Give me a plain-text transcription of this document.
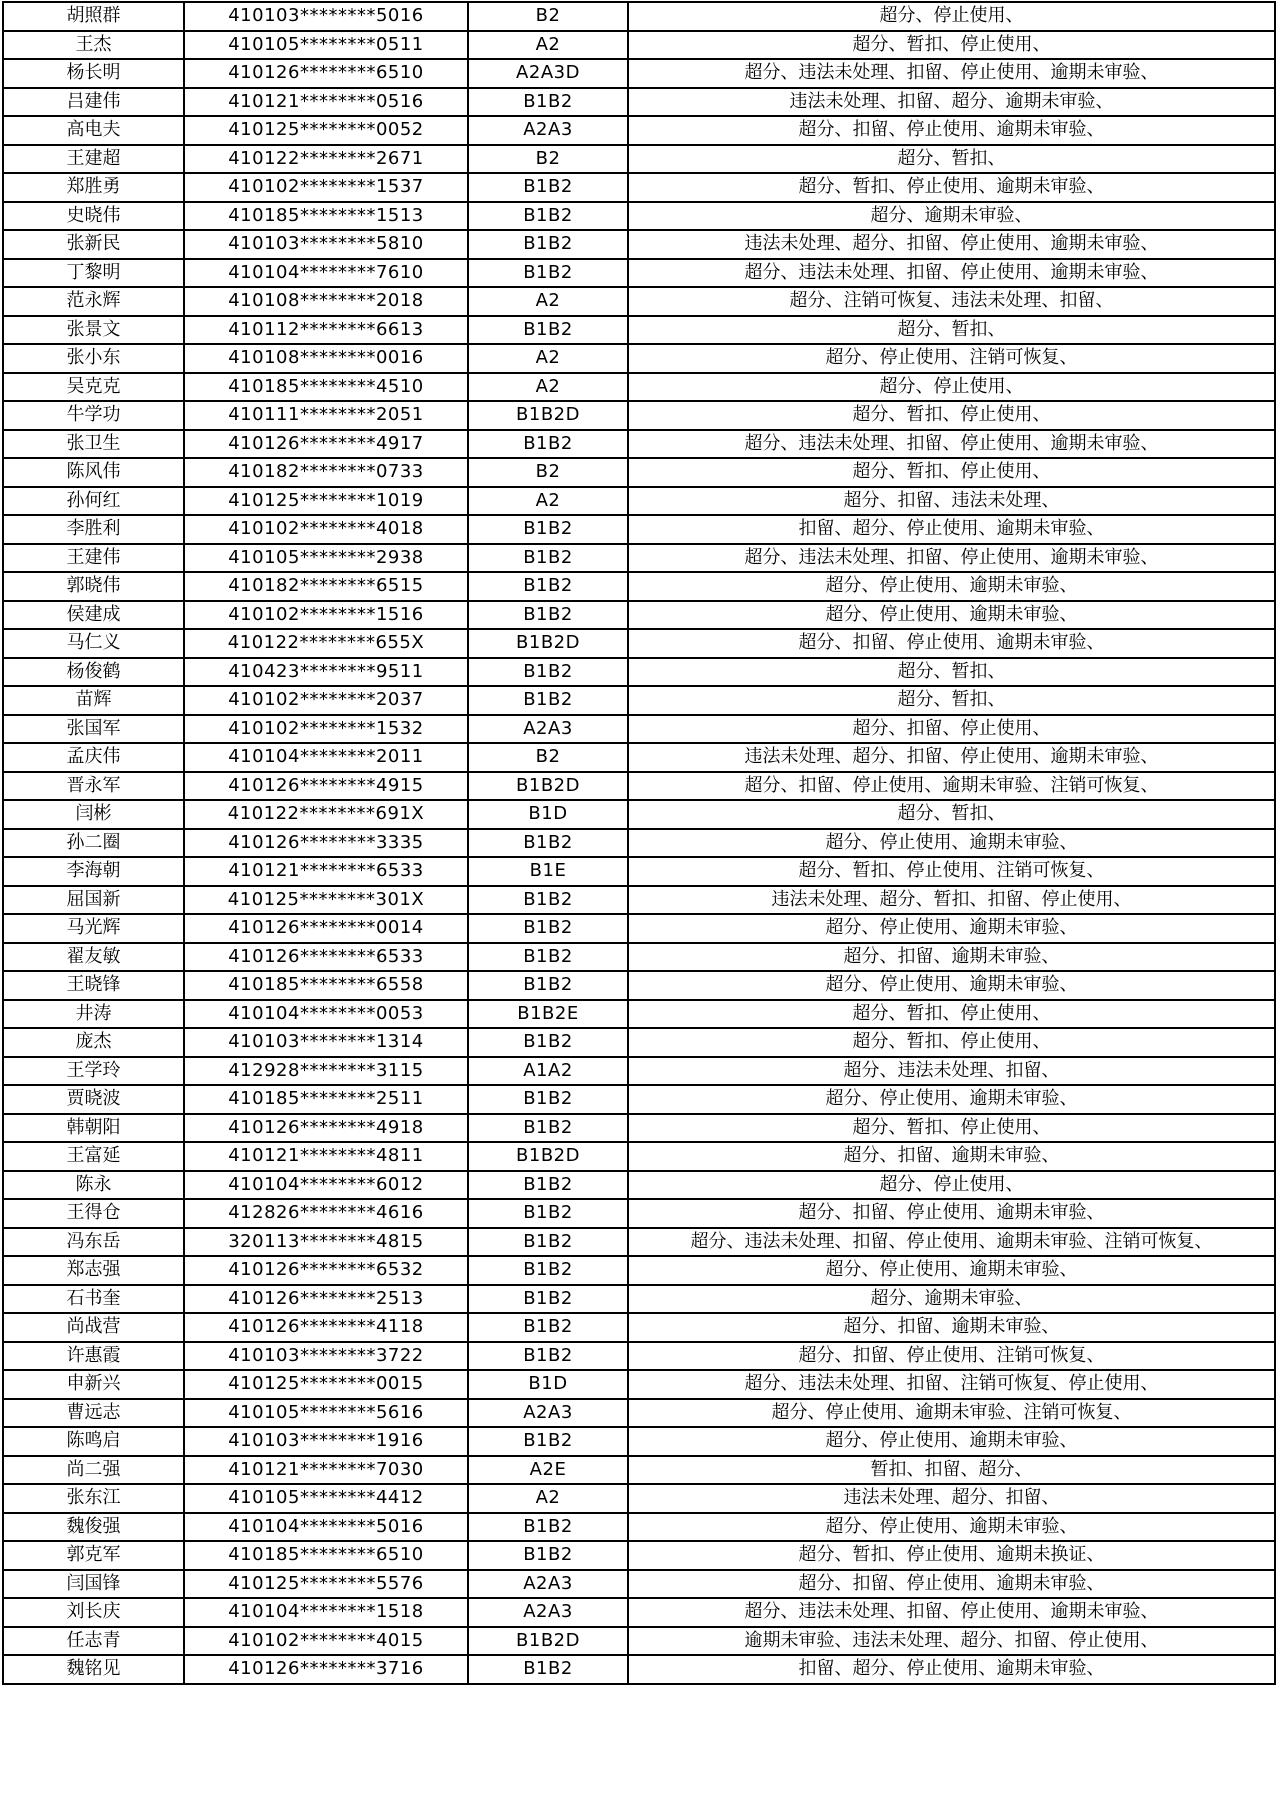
胡照群	410103********5016	B2	超分、停止使用、
王杰	410105********0511	A2	超分、暂扣、停止使用、
杨长明	410126********6510	A2A3D	超分、违法未处理、扣留、停止使用、逾期未审验、
吕建伟	410121********0516	B1B2	违法未处理、扣留、超分、逾期未审验、
高电夫	410125********0052	A2A3	超分、扣留、停止使用、逾期未审验、
王建超	410122********2671	B2	超分、暂扣、
郑胜勇	410102********1537	B1B2	超分、暂扣、停止使用、逾期未审验、
史晓伟	410185********1513	B1B2	超分、逾期未审验、
张新民	410103********5810	B1B2	违法未处理、超分、扣留、停止使用、逾期未审验、
丁黎明	410104********7610	B1B2	超分、违法未处理、扣留、停止使用、逾期未审验、
范永辉	410108********2018	A2	超分、注销可恢复、违法未处理、扣留、
张景文	410112********6613	B1B2	超分、暂扣、
张小东	410108********0016	A2	超分、停止使用、注销可恢复、
吴克克	410185********4510	A2	超分、停止使用、
牛学功	410111********2051	B1B2D	超分、暂扣、停止使用、
张卫生	410126********4917	B1B2	超分、违法未处理、扣留、停止使用、逾期未审验、
陈风伟	410182********0733	B2	超分、暂扣、停止使用、
孙何红	410125********1019	A2	超分、扣留、违法未处理、
李胜利	410102********4018	B1B2	扣留、超分、停止使用、逾期未审验、
王建伟	410105********2938	B1B2	超分、违法未处理、扣留、停止使用、逾期未审验、
郭晓伟	410182********6515	B1B2	超分、停止使用、逾期未审验、
侯建成	410102********1516	B1B2	超分、停止使用、逾期未审验、
马仁义	410122********655X	B1B2D	超分、扣留、停止使用、逾期未审验、
杨俊鹤	410423********9511	B1B2	超分、暂扣、
苗辉	410102********2037	B1B2	超分、暂扣、
张国军	410102********1532	A2A3	超分、扣留、停止使用、
孟庆伟	410104********2011	B2	违法未处理、超分、扣留、停止使用、逾期未审验、
晋永军	410126********4915	B1B2D	超分、扣留、停止使用、逾期未审验、注销可恢复、
闫彬	410122********691X	B1D	超分、暂扣、
孙二圈	410126********3335	B1B2	超分、停止使用、逾期未审验、
李海朝	410121********6533	B1E	超分、暂扣、停止使用、注销可恢复、
屈国新	410125********301X	B1B2	违法未处理、超分、暂扣、扣留、停止使用、
马光辉	410126********0014	B1B2	超分、停止使用、逾期未审验、
翟友敏	410126********6533	B1B2	超分、扣留、逾期未审验、
王晓锋	410185********6558	B1B2	超分、停止使用、逾期未审验、
井涛	410104********0053	B1B2E	超分、暂扣、停止使用、
庞杰	410103********1314	B1B2	超分、暂扣、停止使用、
王学玲	412928********3115	A1A2	超分、违法未处理、扣留、
贾晓波	410185********2511	B1B2	超分、停止使用、逾期未审验、
韩朝阳	410126********4918	B1B2	超分、暂扣、停止使用、
王富延	410121********4811	B1B2D	超分、扣留、逾期未审验、
陈永	410104********6012	B1B2	超分、停止使用、
王得仓	412826********4616	B1B2	超分、扣留、停止使用、逾期未审验、
冯东岳	320113********4815	B1B2	超分、违法未处理、扣留、停止使用、逾期未审验、注销可恢复、
郑志强	410126********6532	B1B2	超分、停止使用、逾期未审验、
石书奎	410126********2513	B1B2	超分、逾期未审验、
尚战营	410126********4118	B1B2	超分、扣留、逾期未审验、
许惠霞	410103********3722	B1B2	超分、扣留、停止使用、注销可恢复、
申新兴	410125********0015	B1D	超分、违法未处理、扣留、注销可恢复、停止使用、
曹远志	410105********5616	A2A3	超分、停止使用、逾期未审验、注销可恢复、
陈鸣启	410103********1916	B1B2	超分、停止使用、逾期未审验、
尚二强	410121********7030	A2E	暂扣、扣留、超分、
张东江	410105********4412	A2	违法未处理、超分、扣留、
魏俊强	410104********5016	B1B2	超分、停止使用、逾期未审验、
郭克军	410185********6510	B1B2	超分、暂扣、停止使用、逾期未换证、
闫国锋	410125********5576	A2A3	超分、扣留、停止使用、逾期未审验、
刘长庆	410104********1518	A2A3	超分、违法未处理、扣留、停止使用、逾期未审验、
任志青	410102********4015	B1B2D	逾期未审验、违法未处理、超分、扣留、停止使用、
魏铭见	410126********3716	B1B2	扣留、超分、停止使用、逾期未审验、
